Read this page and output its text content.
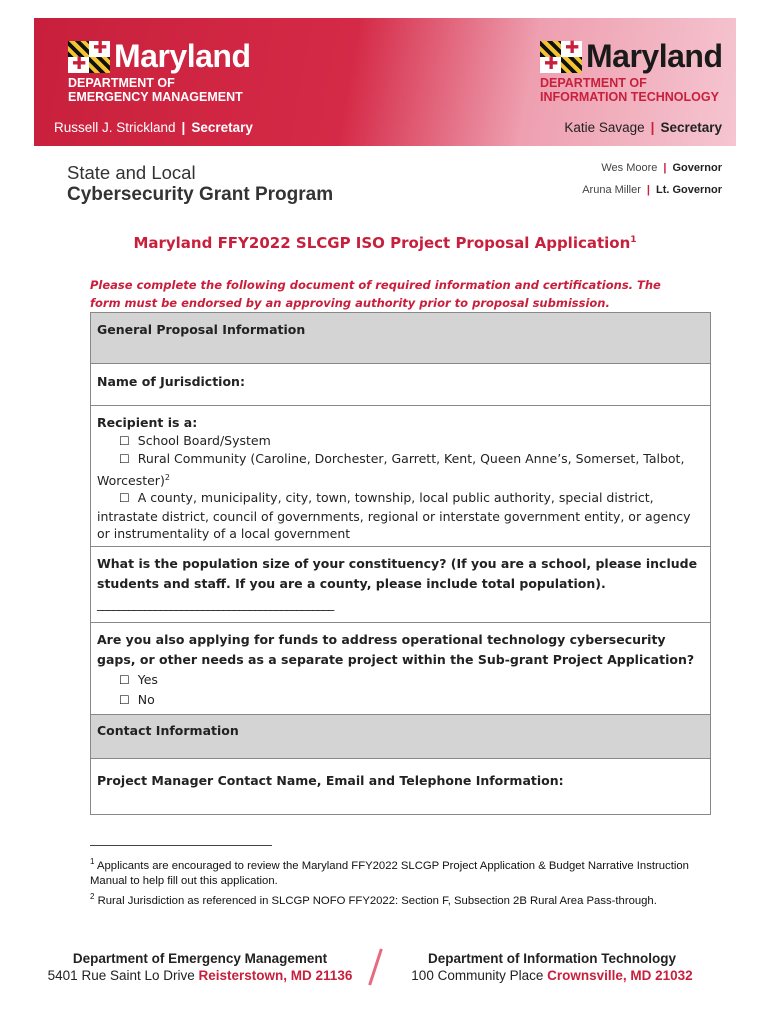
✚
✚
Maryland
DEPARTMENT OF
EMERGENCY MANAGEMENT
Russell J. Strickland | Secretary
✚
✚
Maryland
DEPARTMENT OF
INFORMATION TECHNOLOGY
Katie Savage | Secretary
State and Local
Cybersecurity Grant Program
Wes Moore | Governor
Aruna Miller | Lt. Governor
Maryland FFY2022 SLCGP ISO Project Proposal Application$^1$
Please complete the following document of required information and certifications. The form must be endorsed by an approving authority prior to proposal submission.
General Proposal Information
Name of Jurisdiction:
Recipient is a:
☐ School Board/System
☐ Rural Community (Caroline, Dorchester, Garrett, Kent, Queen Anne’s, Somerset, Talbot, Worcester)$^2$
☐ A county, municipality, city, town, township, local public authority, special district, intrastate district, council of governments, regional or interstate government entity, or agency or instrumentality of a local government
What is the population size of your constituency? (If you are a school, please include students and staff. If you are a county, please include total population).
_____________________________________________
Are you also applying for funds to address operational technology cybersecurity gaps, or other needs as a separate project within the Sub-grant Project Application?
☐ Yes
☐ No
Contact Information
Project Manager Contact Name, Email and Telephone Information:
$^1$ Applicants are encouraged to review the Maryland FFY2022 SLCGP Project Application & Budget Narrative Instruction Manual to help fill out this application.
$^2$ Rural Jurisdiction as referenced in SLCGP NOFO FFY2022: Section F, Subsection 2B Rural Area Pass-through.
Department of Emergency Management
5401 Rue Saint Lo Drive Reisterstown, MD 21136
Department of Information Technology
100 Community Place Crownsville, MD 21032
